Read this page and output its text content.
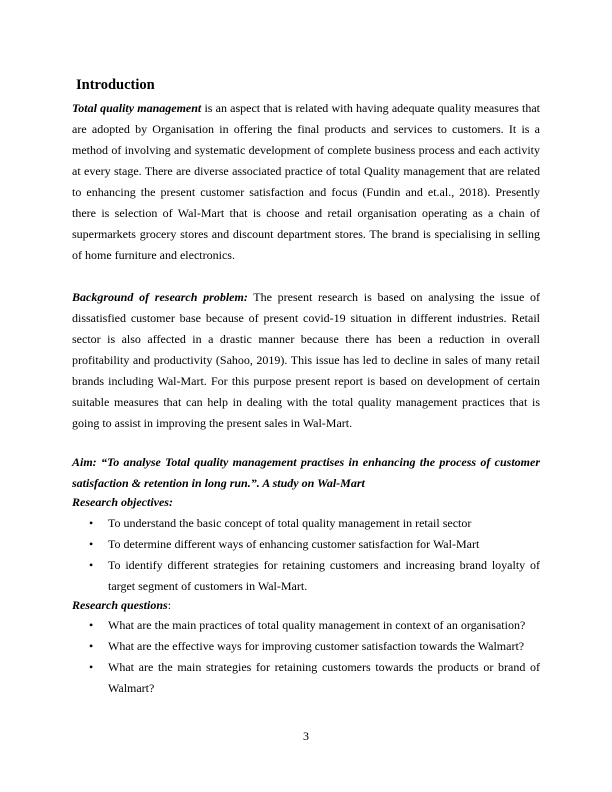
Introduction

Total quality management is an aspect that is related with having adequate quality measures that are adopted by Organisation in offering the final products and services to customers. It is a method of involving and systematic development of complete business process and each activity at every stage. There are diverse associated practice of total Quality management that are related to enhancing the present customer satisfaction and focus (Fundin and et.al., 2018). Presently there is selection of Wal-Mart that is choose and retail organisation operating as a chain of supermarkets grocery stores and discount department stores. The brand is specialising in selling of home furniture and electronics.

Background of research problem: The present research is based on analysing the issue of dissatisfied customer base because of present covid-19 situation in different industries. Retail sector is also affected in a drastic manner because there has been a reduction in overall profitability and productivity (Sahoo, 2019). This issue has led to decline in sales of many retail brands including Wal-Mart. For this purpose present report is based on development of certain suitable measures that can help in dealing with the total quality management practices that is going to assist in improving the present sales in Wal-Mart.

Aim: “To analyse Total quality management practises in enhancing the process of customer satisfaction & retention in long run.”. A study on Wal-Mart

Research objectives:

• To understand the basic concept of total quality management in retail sector
• To determine different ways of enhancing customer satisfaction for Wal-Mart
• To identify different strategies for retaining customers and increasing brand loyalty of target segment of customers in Wal-Mart.

Research questions:

• What are the main practices of total quality management in context of an organisation?
• What are the effective ways for improving customer satisfaction towards the Walmart?
• What are the main strategies for retaining customers towards the products or brand of Walmart?
3
